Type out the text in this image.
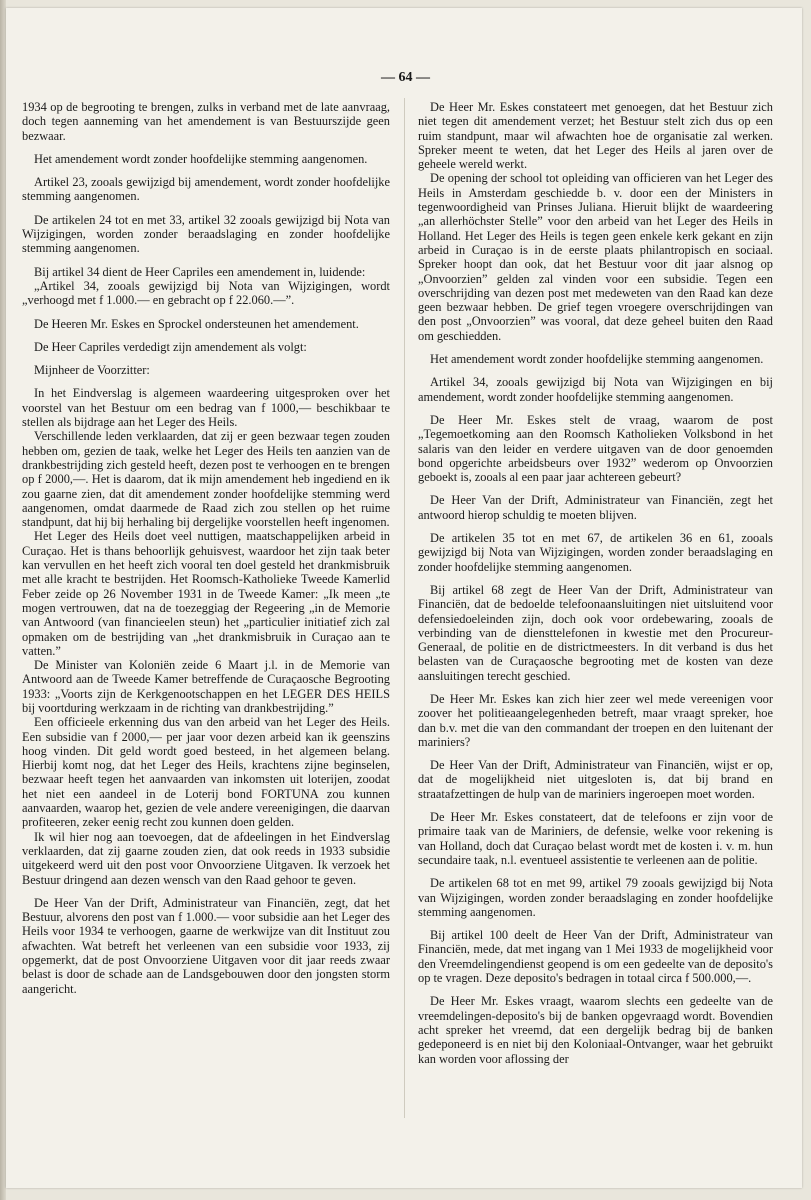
— 64 —

1934 op de begrooting te brengen, zulks in verband met de late aanvraag, doch tegen aanneming van het amendement is van Bestuurszijde geen bezwaar.

Het amendement wordt zonder hoofdelijke stemming aangenomen.

Artikel 23, zooals gewijzigd bij amendement, wordt zonder hoofdelijke stemming aangenomen.

De artikelen 24 tot en met 33, artikel 32 zooals gewijzigd bij Nota van Wijzigingen, worden zonder beraadslaging en zonder hoofdelijke stemming aangenomen.

Bij artikel 34 dient de Heer Capriles een amendement in, luidende:

„Artikel 34, zooals gewijzigd bij Nota van Wijzigingen, wordt „verhoogd met f 1.000.— en gebracht op f 22.060.—”.

De Heeren Mr. Eskes en Sprockel ondersteunen het amendement.

De Heer Capriles verdedigt zijn amendement als volgt:

Mijnheer de Voorzitter:

In het Eindverslag is algemeen waardeering uitgesproken over het voorstel van het Bestuur om een bedrag van f 1000,— beschikbaar te stellen als bijdrage aan het Leger des Heils.

Verschillende leden verklaarden, dat zij er geen bezwaar tegen zouden hebben om, gezien de taak, welke het Leger des Heils ten aanzien van de drankbestrijding zich gesteld heeft, dezen post te verhoogen en te brengen op f 2000,—. Het is daarom, dat ik mijn amendement heb ingediend en ik zou gaarne zien, dat dit amendement zonder hoofdelijke stemming werd aangenomen, omdat daarmede de Raad zich zou stellen op het ruime standpunt, dat hij bij herhaling bij dergelijke voorstellen heeft ingenomen.

Het Leger des Heils doet veel nuttigen, maatschappelijken arbeid in Curaçao. Het is thans behoorlijk gehuisvest, waardoor het zijn taak beter kan vervullen en het heeft zich vooral ten doel gesteld het drankmisbruik met alle kracht te bestrijden. Het Roomsch-Katholieke Tweede Kamerlid Feber zeide op 26 November 1931 in de Tweede Kamer: „Ik meen „te mogen vertrouwen, dat na de toezeggiag der Regeering „in de Memorie van Antwoord (van financieelen steun) het „particulier initiatief zich zal opmaken om de bestrijding van „het drankmisbruik in Curaçao aan te vatten.”

De Minister van Koloniën zeide 6 Maart j.l. in de Memorie van Antwoord aan de Tweede Kamer betreffende de Curaçaosche Begrooting 1933: „Voorts zijn de Kerkgenootschappen en het LEGER DES HEILS bij voortduring werkzaam in de richting van drankbestrijding.”

Een officieele erkenning dus van den arbeid van het Leger des Heils. Een subsidie van f 2000,— per jaar voor dezen arbeid kan ik geenszins hoog vinden. Dit geld wordt goed besteed, in het algemeen belang. Hierbij komt nog, dat het Leger des Heils, krachtens zijne beginselen, bezwaar heeft tegen het aanvaarden van inkomsten uit loterijen, zoodat het niet een aandeel in de Loterij bond FORTUNA zou kunnen aanvaarden, waarop het, gezien de vele andere vereenigingen, die daarvan profiteeren, zeker eenig recht zou kunnen doen gelden.

Ik wil hier nog aan toevoegen, dat de afdeelingen in het Eindverslag verklaarden, dat zij gaarne zouden zien, dat ook reeds in 1933 subsidie uitgekeerd werd uit den post voor Onvoorziene Uitgaven. Ik verzoek het Bestuur dringend aan dezen wensch van den Raad gehoor te geven.

De Heer Van der Drift, Administrateur van Financiën, zegt, dat het Bestuur, alvorens den post van f 1.000.— voor subsidie aan het Leger des Heils voor 1934 te verhoogen, gaarne de werkwijze van dit Instituut zou afwachten. Wat betreft het verleenen van een subsidie voor 1933, zij opgemerkt, dat de post Onvoorziene Uitgaven voor dit jaar reeds zwaar belast is door de schade aan de Landsgebouwen door den jongsten storm aangericht.

De Heer Mr. Eskes constateert met genoegen, dat het Bestuur zich niet tegen dit amendement verzet; het Bestuur stelt zich dus op een ruim standpunt, maar wil afwachten hoe de organisatie zal werken. Spreker meent te weten, dat het Leger des Heils al jaren over de geheele wereld werkt.

De opening der school tot opleiding van officieren van het Leger des Heils in Amsterdam geschiedde b. v. door een der Ministers in tegenwoordigheid van Prinses Juliana. Hieruit blijkt de waardeering „an allerhöchster Stelle” voor den arbeid van het Leger des Heils in Holland. Het Leger des Heils is tegen geen enkele kerk gekant en zijn arbeid in Curaçao is in de eerste plaats philantropisch en sociaal. Spreker hoopt dan ook, dat het Bestuur voor dit jaar alsnog op „Onvoorzien” gelden zal vinden voor een subsidie. Tegen een overschrijding van dezen post met medeweten van den Raad kan deze geen bezwaar hebben. De grief tegen vroegere overschrijdingen van den post „Onvoorzien” was vooral, dat deze geheel buiten den Raad om geschiedden.

Het amendement wordt zonder hoofdelijke stemming aangenomen.

Artikel 34, zooals gewijzigd bij Nota van Wijzigingen en bij amendement, wordt zonder hoofdelijke stemming aangenomen.

De Heer Mr. Eskes stelt de vraag, waarom de post „Tegemoetkoming aan den Roomsch Katholieken Volksbond in het salaris van den leider en verdere uitgaven van de door genoemden bond opgerichte arbeidsbeurs over 1932” wederom op Onvoorzien geboekt is, zooals al een paar jaar achtereen gebeurt?

De Heer Van der Drift, Administrateur van Financiën, zegt het antwoord hierop schuldig te moeten blijven.

De artikelen 35 tot en met 67, de artikelen 36 en 61, zooals gewijzigd bij Nota van Wijzigingen, worden zonder beraadslaging en zonder hoofdelijke stemming aangenomen.

Bij artikel 68 zegt de Heer Van der Drift, Administrateur van Financiën, dat de bedoelde telefoonaansluitingen niet uitsluitend voor defensiedoeleinden zijn, doch ook voor ordebewaring, zooals de verbinding van de diensttelefonen in kwestie met den Procureur-Generaal, de politie en de districtmeesters. In dit verband is dus het belasten van de Curaçaosche begrooting met de kosten van deze aansluitingen terecht geschied.

De Heer Mr. Eskes kan zich hier zeer wel mede vereenigen voor zoover het politieaangelegenheden betreft, maar vraagt spreker, hoe dan b.v. met die van den commandant der troepen en den luitenant der mariniers?

De Heer Van der Drift, Administrateur van Financiën, wijst er op, dat de mogelijkheid niet uitgesloten is, dat bij brand en straatafzettingen de hulp van de mariniers ingeroepen moet worden.

De Heer Mr. Eskes constateert, dat de telefoons er zijn voor de primaire taak van de Mariniers, de defensie, welke voor rekening is van Holland, doch dat Curaçao belast wordt met de kosten i. v. m. hun secundaire taak, n.l. eventueel assistentie te verleenen aan de politie.

De artikelen 68 tot en met 99, artikel 79 zooals gewijzigd bij Nota van Wijzigingen, worden zonder beraadslaging en zonder hoofdelijke stemming aangenomen.

Bij artikel 100 deelt de Heer Van der Drift, Administrateur van Financiën, mede, dat met ingang van 1 Mei 1933 de mogelijkheid voor den Vreemdelingendienst geopend is om een gedeelte van de deposito's op te vragen. Deze deposito's bedragen in totaal circa f 500.000,—.

De Heer Mr. Eskes vraagt, waarom slechts een gedeelte van de vreemdelingen-deposito's bij de banken opgevraagd wordt. Bovendien acht spreker het vreemd, dat een dergelijk bedrag bij de banken gedeponeerd is en niet bij den Koloniaal-Ontvanger, waar het gebruikt kan worden voor aflossing der
